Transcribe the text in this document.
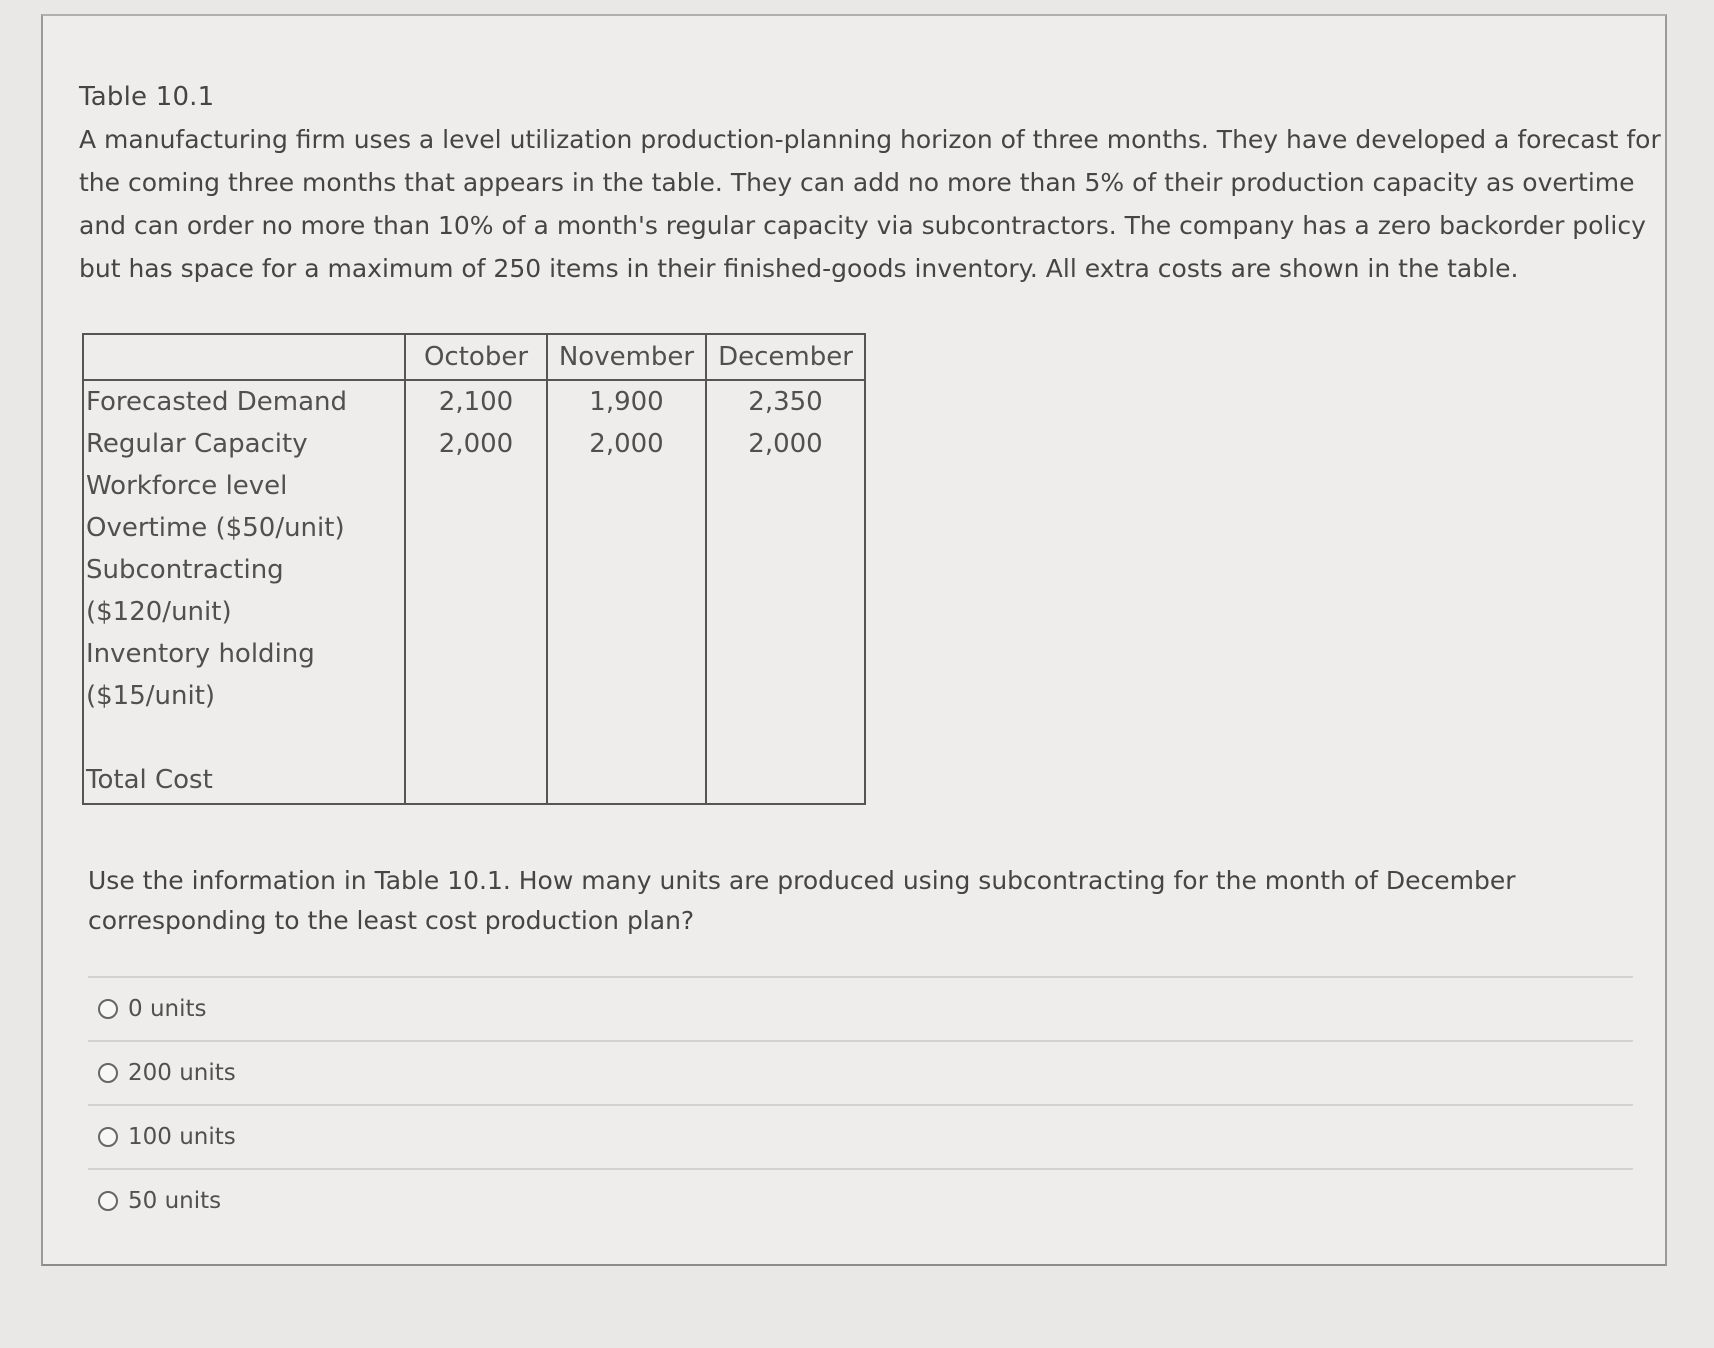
Table 10.1

A manufacturing firm uses a level utilization production-planning horizon of three months. They have developed a forecast for the coming three months that appears in the table. They can add no more than 5% of their production capacity as overtime and can order no more than 10% of a month's regular capacity via subcontractors. The company has a zero backorder policy but has space for a maximum of 250 items in their finished-goods inventory. All extra costs are shown in the table.

	October	November	December
Forecasted Demand	2,100	1,900	2,350
Regular Capacity	2,000	2,000	2,000
Workforce level			
Overtime ($50/unit)			
Subcontracting			
($120/unit)			
Inventory holding			
($15/unit)			

Total Cost			

Use the information in Table 10.1. How many units are produced using subcontracting for the month of December corresponding to the least cost production plan?

0 units
200 units
100 units
50 units
